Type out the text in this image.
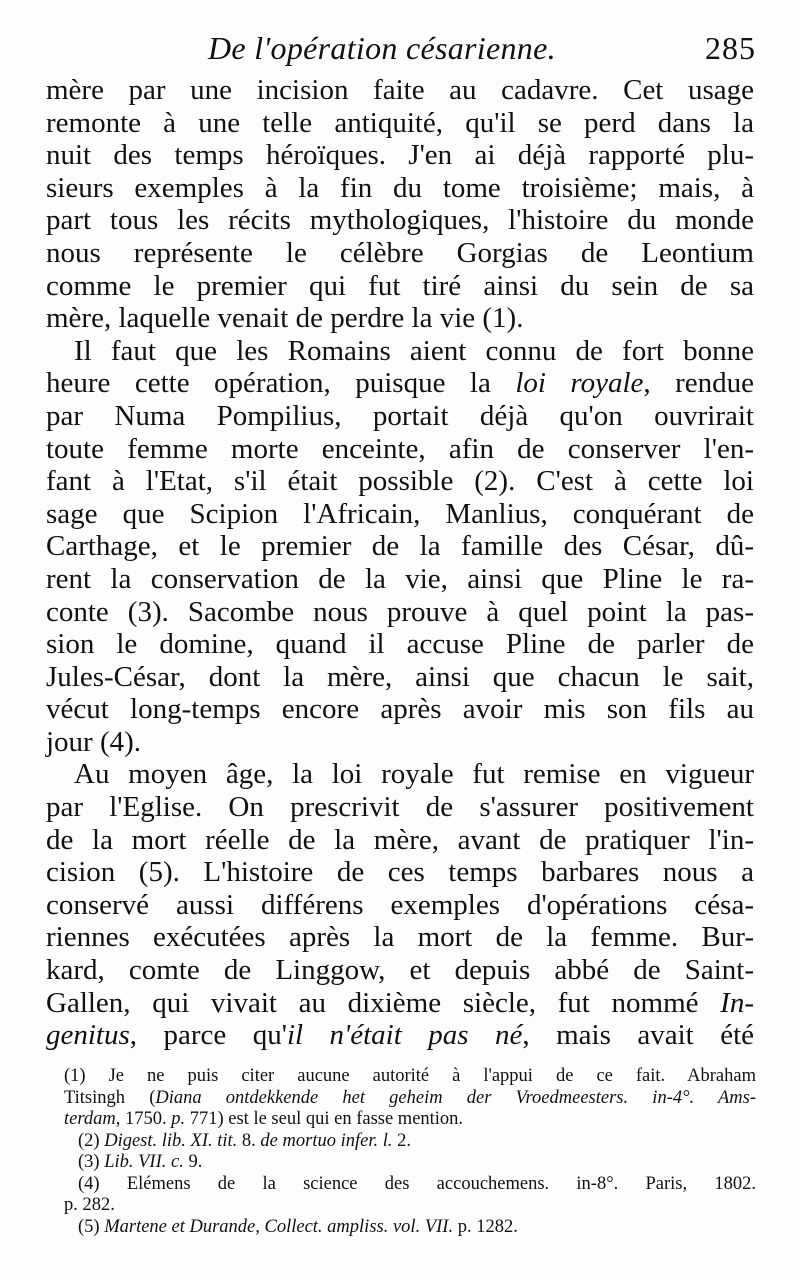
De l'opération césarienne.	285
mère par une incision faite au cadavre. Cet usage
remonte à une telle antiquité, qu'il se perd dans la
nuit des temps héroïques. J'en ai déjà rapporté plu-
sieurs exemples à la fin du tome troisième; mais, à
part tous les récits mythologiques, l'histoire du monde
nous représente le célèbre Gorgias de Leontium
comme le premier qui fut tiré ainsi du sein de sa
mère, laquelle venait de perdre la vie (1).
Il faut que les Romains aient connu de fort bonne
heure cette opération, puisque la loi royale, rendue
par Numa Pompilius, portait déjà qu'on ouvrirait
toute femme morte enceinte, afin de conserver l'en-
fant à l'Etat, s'il était possible (2). C'est à cette loi
sage que Scipion l'Africain, Manlius, conquérant de
Carthage, et le premier de la famille des César, dû-
rent la conservation de la vie, ainsi que Pline le ra-
conte (3). Sacombe nous prouve à quel point la pas-
sion le domine, quand il accuse Pline de parler de
Jules-César, dont la mère, ainsi que chacun le sait,
vécut long-temps encore après avoir mis son fils au
jour (4).
Au moyen âge, la loi royale fut remise en vigueur
par l'Eglise. On prescrivit de s'assurer positivement
de la mort réelle de la mère, avant de pratiquer l'in-
cision (5). L'histoire de ces temps barbares nous a
conservé aussi différens exemples d'opérations césa-
riennes exécutées après la mort de la femme. Bur-
kard, comte de Linggow, et depuis abbé de Saint-
Gallen, qui vivait au dixième siècle, fut nommé In-
genitus, parce qu'il n'était pas né, mais avait été
(1) Je ne puis citer aucune autorité à l'appui de ce fait. Abraham
Titsingh (Diana ontdekkende het geheim der Vroedmeesters. in-4°. Ams-
terdam, 1750. p. 771) est le seul qui en fasse mention.
(2) Digest. lib. XI. tit. 8. de mortuo infer. l. 2.
(3) Lib. VII. c. 9.
(4) Elémens de la science des accouchemens. in-8°. Paris, 1802.
p. 282.
(5) Martene et Durande, Collect. ampliss. vol. VII. p. 1282.
